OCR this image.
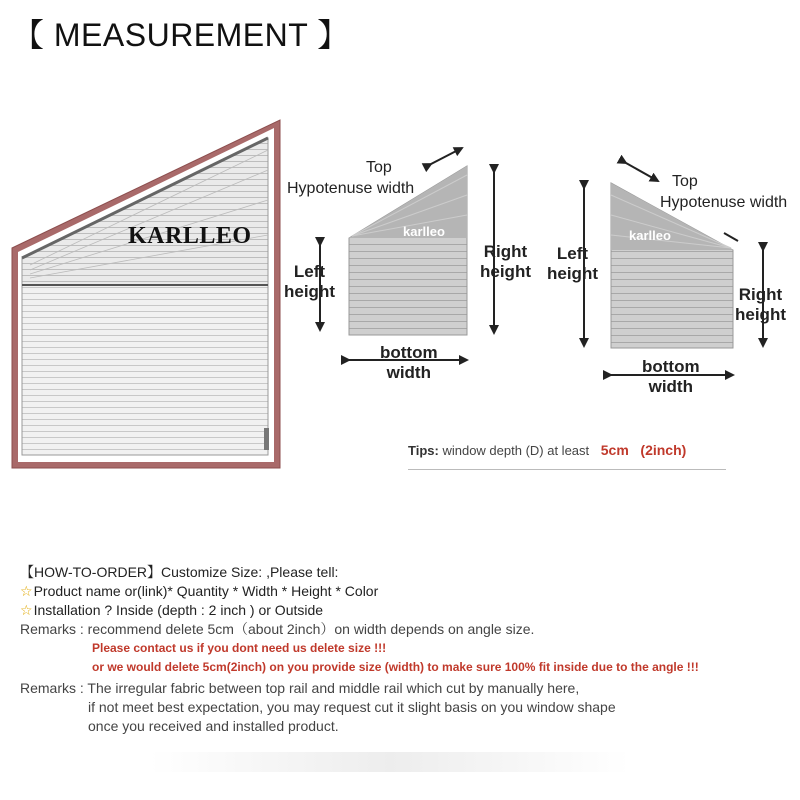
【 MEASUREMENT 】
KARLLEO
Top
Hypotenuse width
karlleo
Left
height
Right
height
bottom
width
Top
Hypotenuse width
karlleo
Left
height
Right
height
bottom
width
Tips: window depth (D) at least 5cm (2inch)
【HOW-TO-ORDER】Customize Size: ,Please tell:
☆Product name or(link)* Quantity * Width * Height * Color
☆Installation ? Inside (depth : 2 inch ) or Outside
Remarks : recommend delete 5cm（about 2inch）on width depends on angle size.
Please contact us if you dont need us delete size !!!
or we would delete 5cm(2inch) on you provide size (width) to make sure 100% fit inside due to the angle !!!
Remarks : The irregular fabric between top rail and middle rail which cut by manually here,
if not meet best expectation, you may request cut it slight basis on you window shape
once you received and installed product.
